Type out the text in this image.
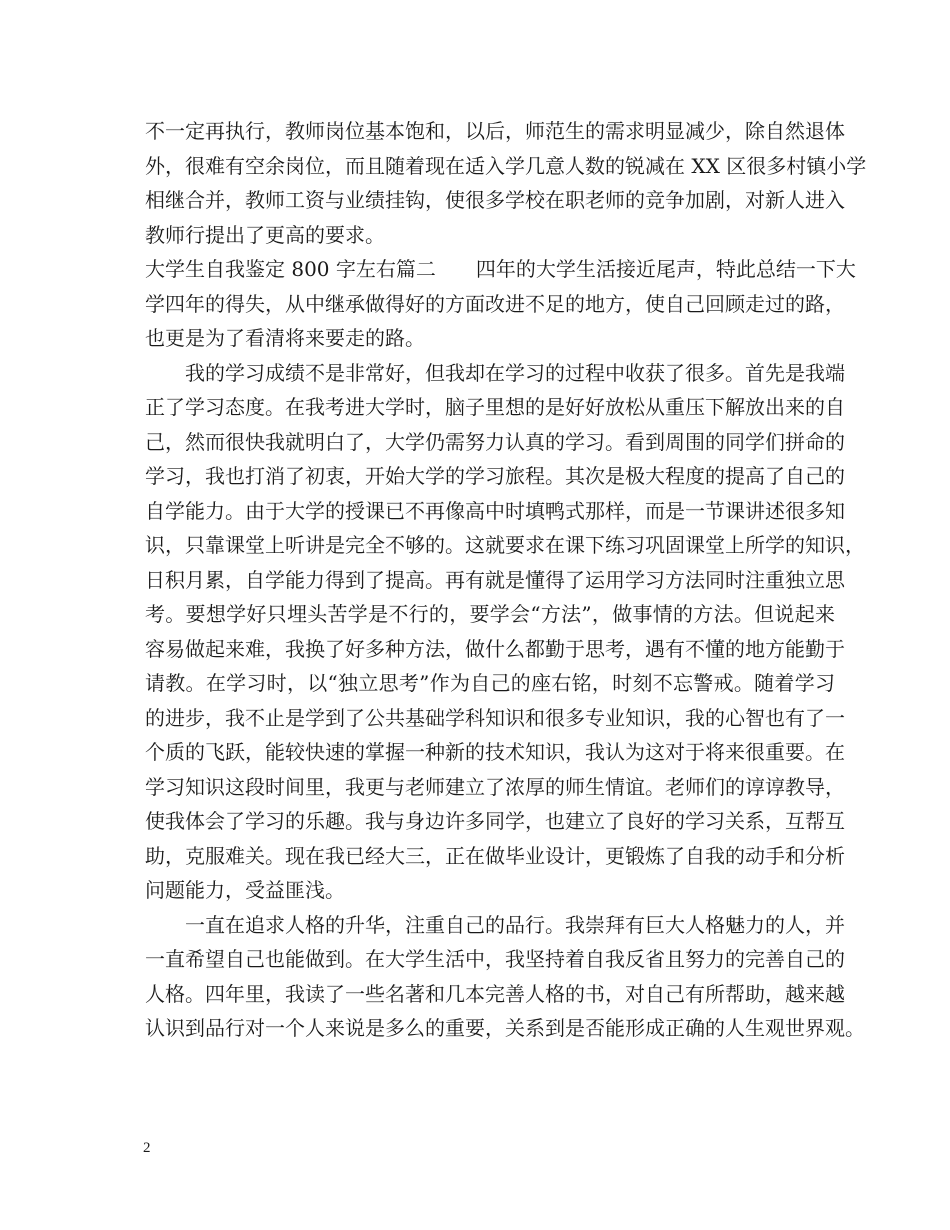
不一定再执行，教师岗位基本饱和，以后，师范生的需求明显减少，除自然退体
外，很难有空余岗位，而且随着现在适入学几意人数的锐减在 XX 区很多村镇小学
相继合并，教师工资与业绩挂钩，使很多学校在职老师的竞争加剧，对新人进入
教师行提出了更高的要求。
大学生自我鉴定 800 字左右篇二　　四年的大学生活接近尾声，特此总结一下大
学四年的得失，从中继承做得好的方面改进不足的地方，使自己回顾走过的路，
也更是为了看清将来要走的路。
我的学习成绩不是非常好，但我却在学习的过程中收获了很多。首先是我端
正了学习态度。在我考进大学时，脑子里想的是好好放松从重压下解放出来的自
己，然而很快我就明白了，大学仍需努力认真的学习。看到周围的同学们拼命的
学习，我也打消了初衷，开始大学的学习旅程。其次是极大程度的提高了自己的
自学能力。由于大学的授课已不再像高中时填鸭式那样，而是一节课讲述很多知
识，只靠课堂上听讲是完全不够的。这就要求在课下练习巩固课堂上所学的知识，
日积月累，自学能力得到了提高。再有就是懂得了运用学习方法同时注重独立思
考。要想学好只埋头苦学是不行的，要学会“方法”，做事情的方法。但说起来
容易做起来难，我换了好多种方法，做什么都勤于思考，遇有不懂的地方能勤于
请教。在学习时，以“独立思考”作为自己的座右铭，时刻不忘警戒。随着学习
的进步，我不止是学到了公共基础学科知识和很多专业知识，我的心智也有了一
个质的飞跃，能较快速的掌握一种新的技术知识，我认为这对于将来很重要。在
学习知识这段时间里，我更与老师建立了浓厚的师生情谊。老师们的谆谆教导，
使我体会了学习的乐趣。我与身边许多同学，也建立了良好的学习关系，互帮互
助，克服难关。现在我已经大三，正在做毕业设计，更锻炼了自我的动手和分析
问题能力，受益匪浅。
一直在追求人格的升华，注重自己的品行。我崇拜有巨大人格魅力的人，并
一直希望自己也能做到。在大学生活中，我坚持着自我反省且努力的完善自己的
人格。四年里，我读了一些名著和几本完善人格的书，对自己有所帮助，越来越
认识到品行对一个人来说是多么的重要，关系到是否能形成正确的人生观世界观。
2
